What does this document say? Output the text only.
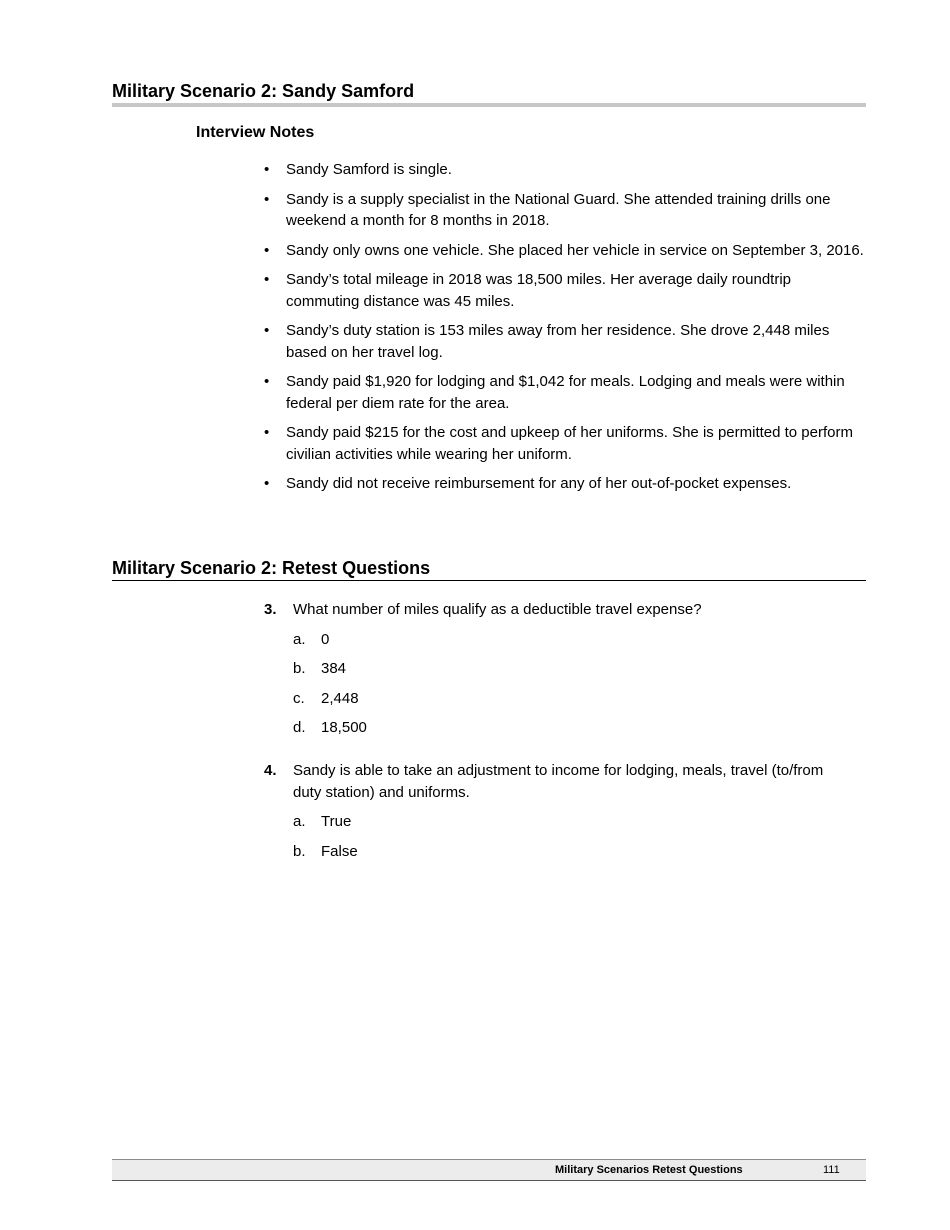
Military Scenario 2: Sandy Samford
Interview Notes
• Sandy Samford is single.
• Sandy is a supply specialist in the National Guard. She attended training drills one weekend a month for 8 months in 2018.
• Sandy only owns one vehicle. She placed her vehicle in service on September 3, 2016.
• Sandy’s total mileage in 2018 was 18,500 miles. Her average daily roundtrip commuting distance was 45 miles.
• Sandy’s duty station is 153 miles away from her residence. She drove 2,448 miles based on her travel log.
• Sandy paid $1,920 for lodging and $1,042 for meals. Lodging and meals were within federal per diem rate for the area.
• Sandy paid $215 for the cost and upkeep of her uniforms. She is permitted to perform civilian activities while wearing her uniform.
• Sandy did not receive reimbursement for any of her out-of-pocket expenses.
Military Scenario 2: Retest Questions
3.	What number of miles qualify as a deductible travel expense?
a. 0
b. 384
c. 2,448
d. 18,500
4.	Sandy is able to take an adjustment to income for lodging, meals, travel (to/from duty station) and uniforms.
a. True
b. False
Military Scenarios Retest Questions	111
